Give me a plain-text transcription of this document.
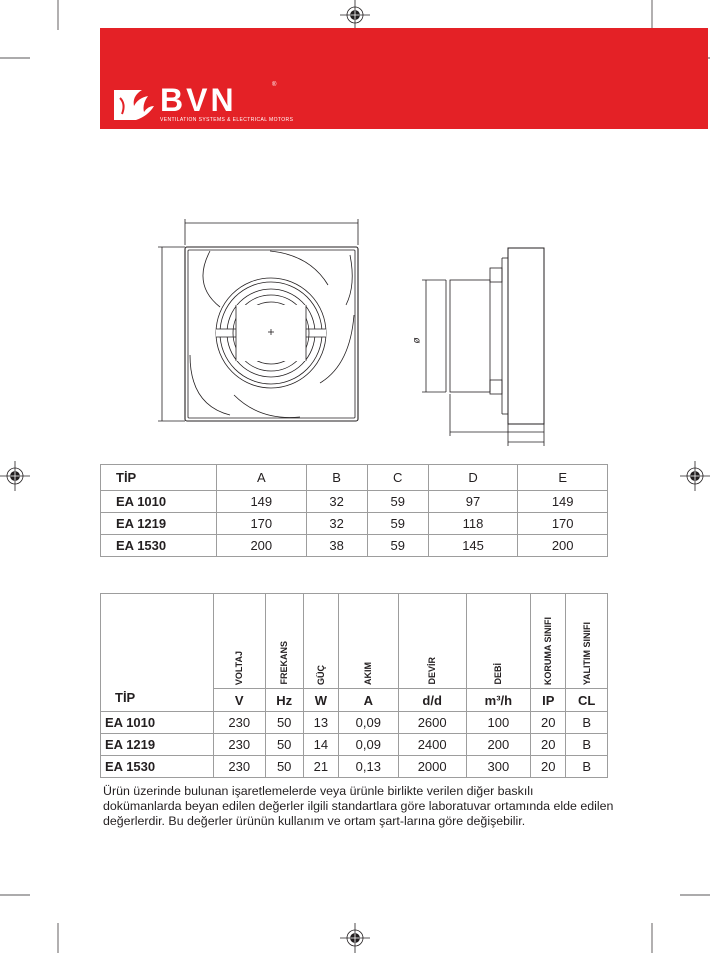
BVN
VENTILATION SYSTEMS & ELECTRICAL MOTORS
®
ø
TİP	A	B	C	D	E
EA 1010	149	32	59	97	149
EA 1219	170	32	59	118	170
EA 1530	200	38	59	145	200
TİP	VOLTAJ	FREKANS	GÜÇ	AKIM	DEVİR	DEBİ	KORUMA SINIFI	YALITIM SINIFI
	V	Hz	W	A	d/d	m³/h	IP	CL
EA 1010	230	50	13	0,09	2600	100	20	B
EA 1219	230	50	14	0,09	2400	200	20	B
EA 1530	230	50	21	0,13	2000	300	20	B
Ürün üzerinde bulunan işaretlemelerde veya ürünle birlikte verilen diğer baskılı dokümanlarda beyan edilen değerler ilgili standartlara göre laboratuvar ortamında elde edilen değerlerdir. Bu değerler ürünün kullanım ve ortam şart-larına göre değişebilir.
